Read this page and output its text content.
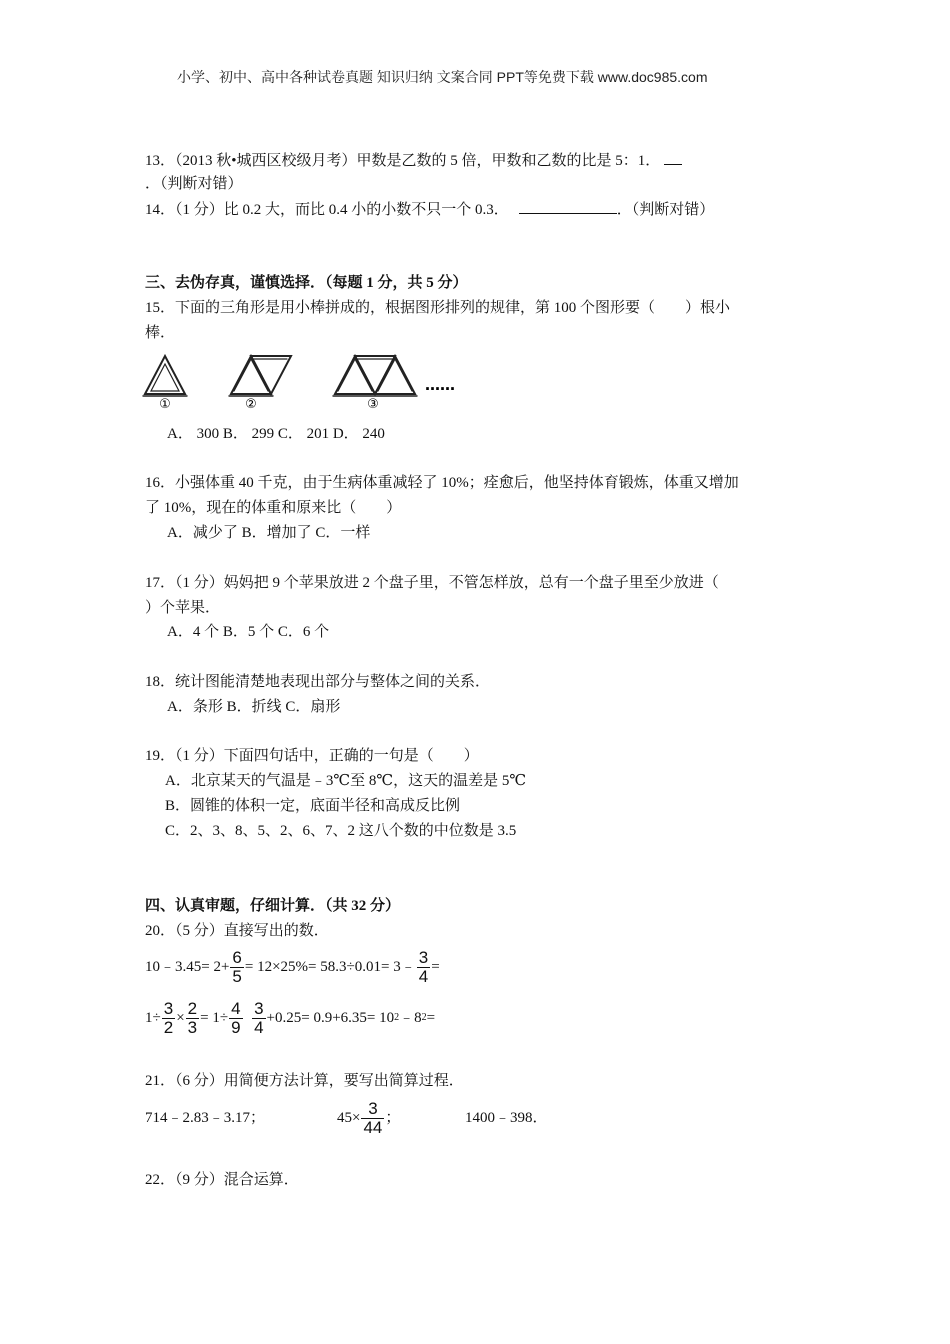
小学、初中、高中各种试卷真题 知识归纳 文案合同 PPT等免费下载 www.doc985.com
13．（2013 秋•城西区校级月考）甲数是乙数的 5 倍，甲数和乙数的比是 5：1．
．（判断对错）
14．（1 分）比 0.2 大，而比 0.4 小的小数不只一个 0.3．	．（判断对错）
三、去伪存真，谨慎选择．（每题 1 分，共 5 分）
15．下面的三角形是用小棒拼成的，根据图形排列的规律，第 100 个图形要（　　）根小
棒．
①	②	③
……
A． 300 B． 299 C． 201 D． 240
16．小强体重 40 千克，由于生病体重减轻了 10%；痊愈后，他坚持体育锻炼，体重又增加
了 10%，现在的体重和原来比（　　）
A．减少了 B．增加了 C．一样
17．（1 分）妈妈把 9 个苹果放进 2 个盘子里，不管怎样放，总有一个盘子里至少放进（
）个苹果．
A．4 个 B．5 个 C．6 个
18．统计图能清楚地表现出部分与整体之间的关系．
A．条形 B．折线 C．扇形
19．（1 分）下面四句话中，正确的一句是（　　）
A．北京某天的气温是﹣3℃至 8℃，这天的温差是 5℃
B．圆锥的体积一定，底面半径和高成反比例
C．2、3、8、5、2、6、7、2 这八个数的中位数是 3.5
四、认真审题，仔细计算．（共 32 分）
20．（5 分）直接写出的数．
10﹣3.45= $2+ \frac{6}{5} = 12\times 25\%= 58.3\div 0.01=$ 3﹣ $\frac{3}{4}$ =
$1\div \frac{3}{2} \times \frac{2}{3} = 1\div \frac{4}{9}$
$\frac{3}{4} +0.25= 0.9+6.35= 10$ 2 ﹣8 2 =
21．（6 分）用简便方法计算，要写出简算过程．
714﹣2.83﹣3.17；	$45\times \frac{3}{44}$ ；	1400﹣398．
22．（9 分）混合运算．
